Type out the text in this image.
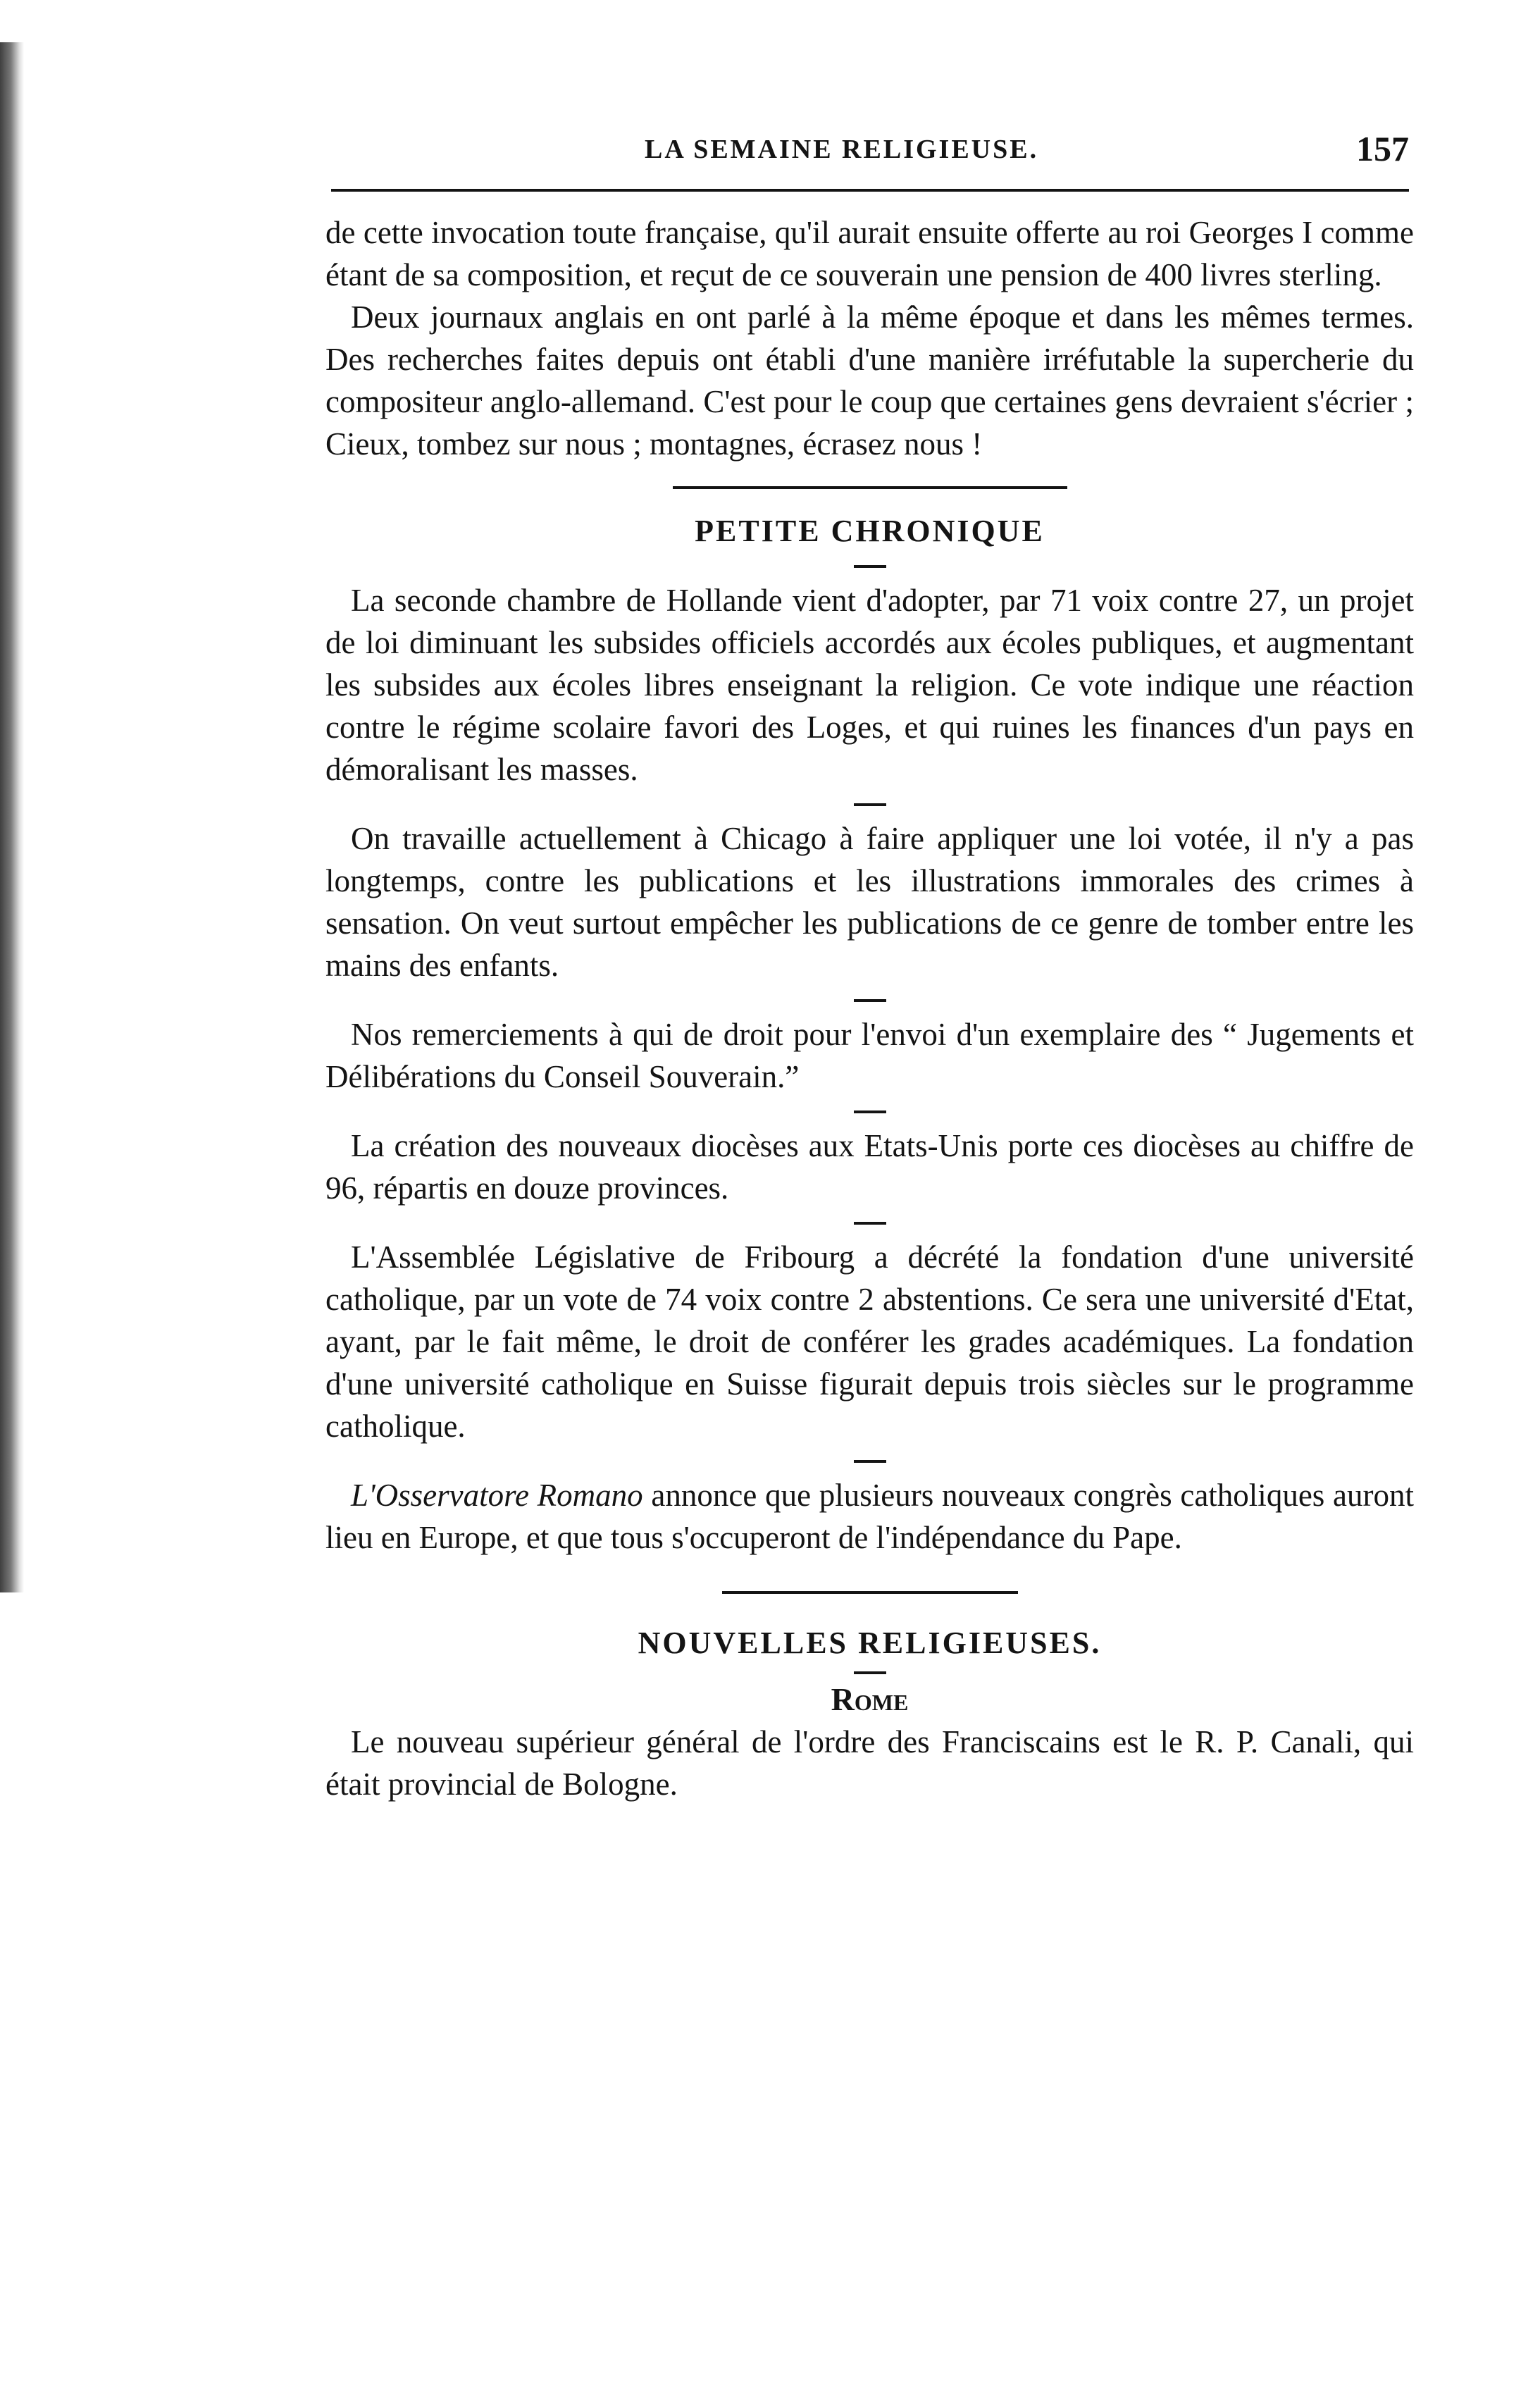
LA SEMAINE RELIGIEUSE.	157

de cette invocation toute française, qu'il aurait ensuite offerte au roi Georges I comme étant de sa composition, et reçut de ce souverain une pension de 400 livres sterling.

Deux journaux anglais en ont parlé à la même époque et dans les mêmes termes. Des recherches faites depuis ont établi d'une manière irréfutable la supercherie du compositeur anglo-allemand. C'est pour le coup que certaines gens devraient s'écrier ; Cieux, tombez sur nous ; montagnes, écrasez nous !

PETITE CHRONIQUE

La seconde chambre de Hollande vient d'adopter, par 71 voix contre 27, un projet de loi diminuant les subsides officiels accordés aux écoles publiques, et augmentant les subsides aux écoles libres enseignant la religion. Ce vote indique une réaction contre le régime scolaire favori des Loges, et qui ruines les finances d'un pays en démoralisant les masses.

On travaille actuellement à Chicago à faire appliquer une loi votée, il n'y a pas longtemps, contre les publications et les illustrations immorales des crimes à sensation. On veut surtout empêcher les publications de ce genre de tomber entre les mains des enfants.

Nos remerciements à qui de droit pour l'envoi d'un exemplaire des “ Jugements et Délibérations du Conseil Souverain.”

La création des nouveaux diocèses aux Etats-Unis porte ces diocèses au chiffre de 96, répartis en douze provinces.

L'Assemblée Législative de Fribourg a décrété la fondation d'une université catholique, par un vote de 74 voix contre 2 abstentions. Ce sera une université d'Etat, ayant, par le fait même, le droit de conférer les grades académiques. La fondation d'une université catholique en Suisse figurait depuis trois siècles sur le programme catholique.

L'Osservatore Romano annonce que plusieurs nouveaux congrès catholiques auront lieu en Europe, et que tous s'occuperont de l'indépendance du Pape.

NOUVELLES RELIGIEUSES.
Rome

Le nouveau supérieur général de l'ordre des Franciscains est le R. P. Canali, qui était provincial de Bologne.
